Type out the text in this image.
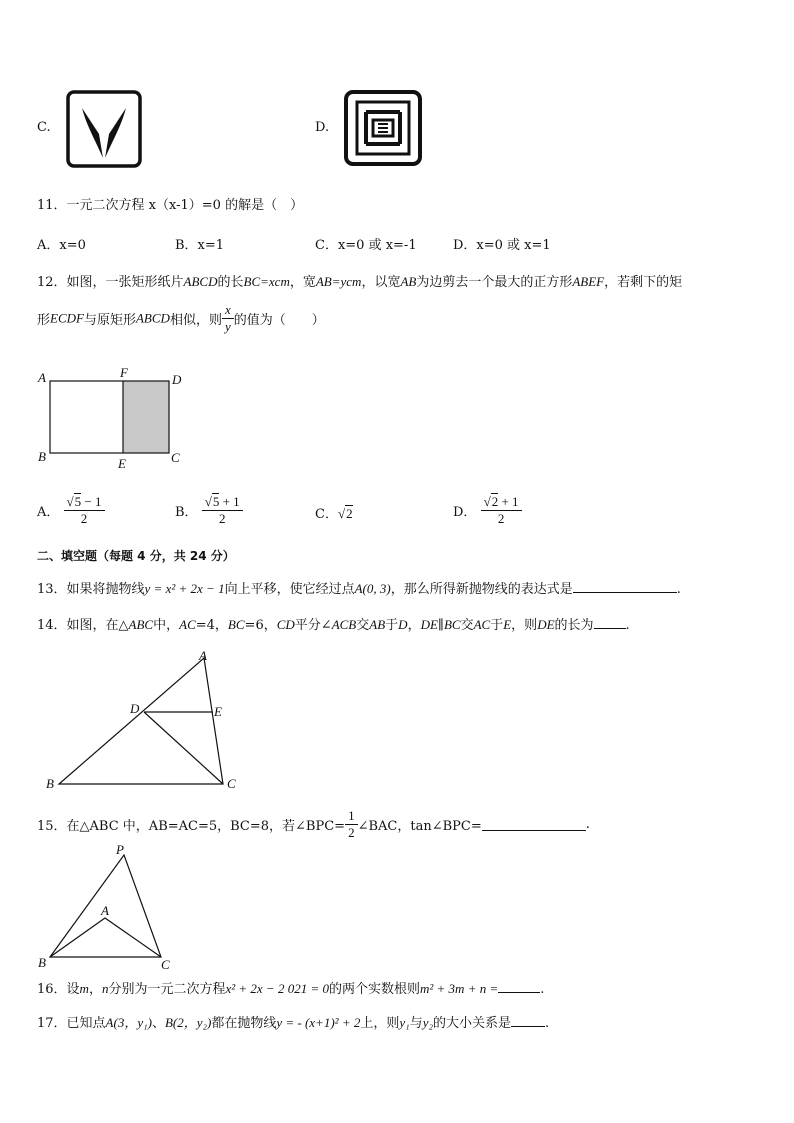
C.	D.
11．一元二次方程 x（x-1）=0 的解是（　）
A．x=0	B．x=1	C．x=0 或 x=-1	D．x=0 或 x=1
12．如图，一张矩形纸片ABCD的长BC=xcm，宽AB=ycm，以宽AB为边剪去一个最大的正方形ABEF，若剩下的矩
形ECDF与原矩形ABCD相似，则 $\frac{x}{y}$ 的值为（　　）
A	F	D
B	E	C
A． $\frac{√5 - 1}{2}$	B． $\frac{√5 + 1}{2}$	C．√2	D． $\frac{√2 + 1}{2}$
二、填空题（每题 4 分，共 24 分）
13．如果将抛物线y = x² + 2x − 1向上平移，使它经过点A(0, 3)，那么所得新抛物线的表达式是	.
14．如图，在△ABC中，AC=4，BC=6，CD平分∠ACB交AB于D，DE∥BC交AC于E，则DE的长为 .
A
D	E
B	C
15．在△ABC 中，AB=AC=5，BC=8，若∠BPC= $\frac{1}{2}$ ∠BAC，tan∠BPC=	.
P
A
B	C
16．设m，n分别为一元二次方程x² + 2x − 2 021 = 0的两个实数根则m² + 3m + n =	.
17．已知点A(3，y₁)、B(2，y₂)都在抛物线y = - (x+1)² + 2上，则y₁与y₂的大小关系是	.
